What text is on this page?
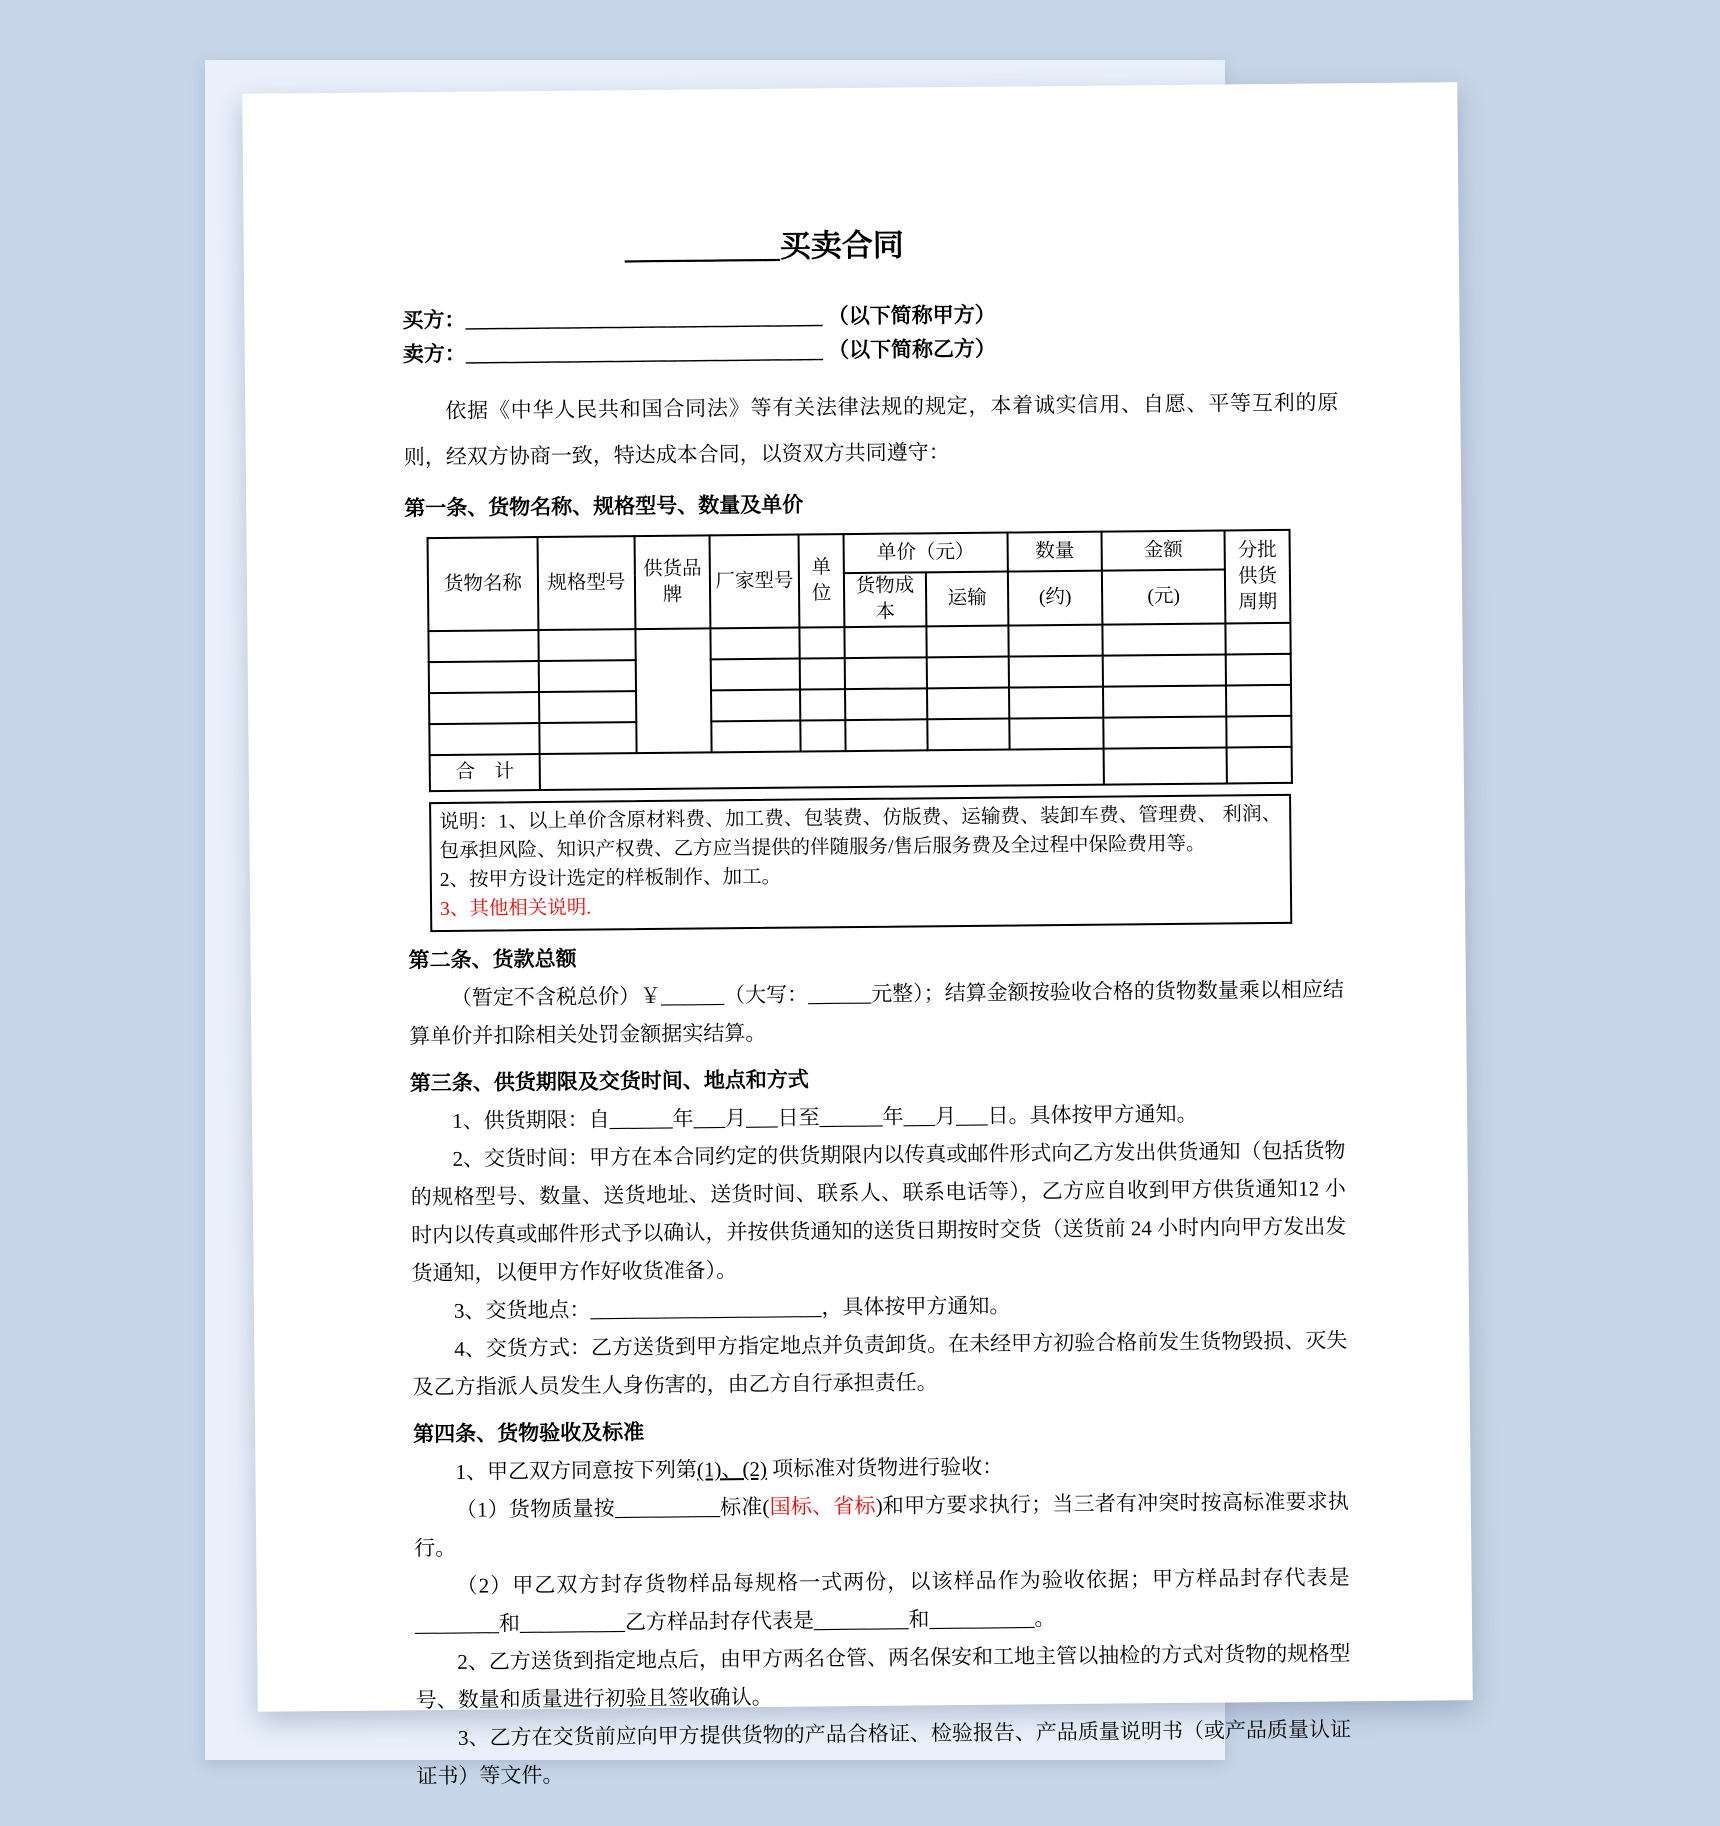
__________买卖合同

买方：__________________________________ （以下简称甲方）

卖方：__________________________________ （以下简称乙方）

依据《中华人民共和国合同法》等有关法律法规的规定，本着诚实信用、自愿、平等互利的原则，经双方协商一致，特达成本合同，以资双方共同遵守：

第一条、货物名称、规格型号、数量及单价

货物名称	规格型号	供货品牌	厂家型号	单位	单价（元）		数量	金额	分批供货周期
					货物成本	运输	(约)	(元)	

合　计									

说明：1、以上单价含原材料费、加工费、包装费、仿版费、运输费、装卸车费、管理费、 利润、包承担风险、知识产权费、乙方应当提供的伴随服务/售后服务费及全过程中保险费用等。

2、按甲方设计选定的样板制作、加工。

3、其他相关说明.

第二条、货款总额

（暂定不含税总价）￥______（大写：______元整）；结算金额按验收合格的货物数量乘以相应结算单价并扣除相关处罚金额据实结算。

第三条、供货期限及交货时间、地点和方式

1、供货期限：自______年___月___日至______年___月___日。具体按甲方通知。

2、交货时间：甲方在本合同约定的供货期限内以传真或邮件形式向乙方发出供货通知（包括货物的规格型号、数量、送货地址、送货时间、联系人、联系电话等），乙方应自收到甲方供货通知12 小时内以传真或邮件形式予以确认，并按供货通知的送货日期按时交货（送货前 24 小时内向甲方发出发货通知，以便甲方作好收货准备）。

3、交货地点：______________________，具体按甲方通知。

4、交货方式：乙方送货到甲方指定地点并负责卸货。在未经甲方初验合格前发生货物毁损、灭失及乙方指派人员发生人身伤害的，由乙方自行承担责任。

第四条、货物验收及标准

1、甲乙双方同意按下列第(1)、(2) 项标准对货物进行验收：

（1）货物质量按__________标准(国标、省标)和甲方要求执行；当三者有冲突时按高标准要求执行。

（2）甲乙双方封存货物样品每规格一式两份，以该样品作为验收依据；甲方样品封存代表是________和__________乙方样品封存代表是_________和__________。

2、乙方送货到指定地点后，由甲方两名仓管、两名保安和工地主管以抽检的方式对货物的规格型号、数量和质量进行初验且签收确认。

3、乙方在交货前应向甲方提供货物的产品合格证、检验报告、产品质量说明书（或产品质量认证证书）等文件。
